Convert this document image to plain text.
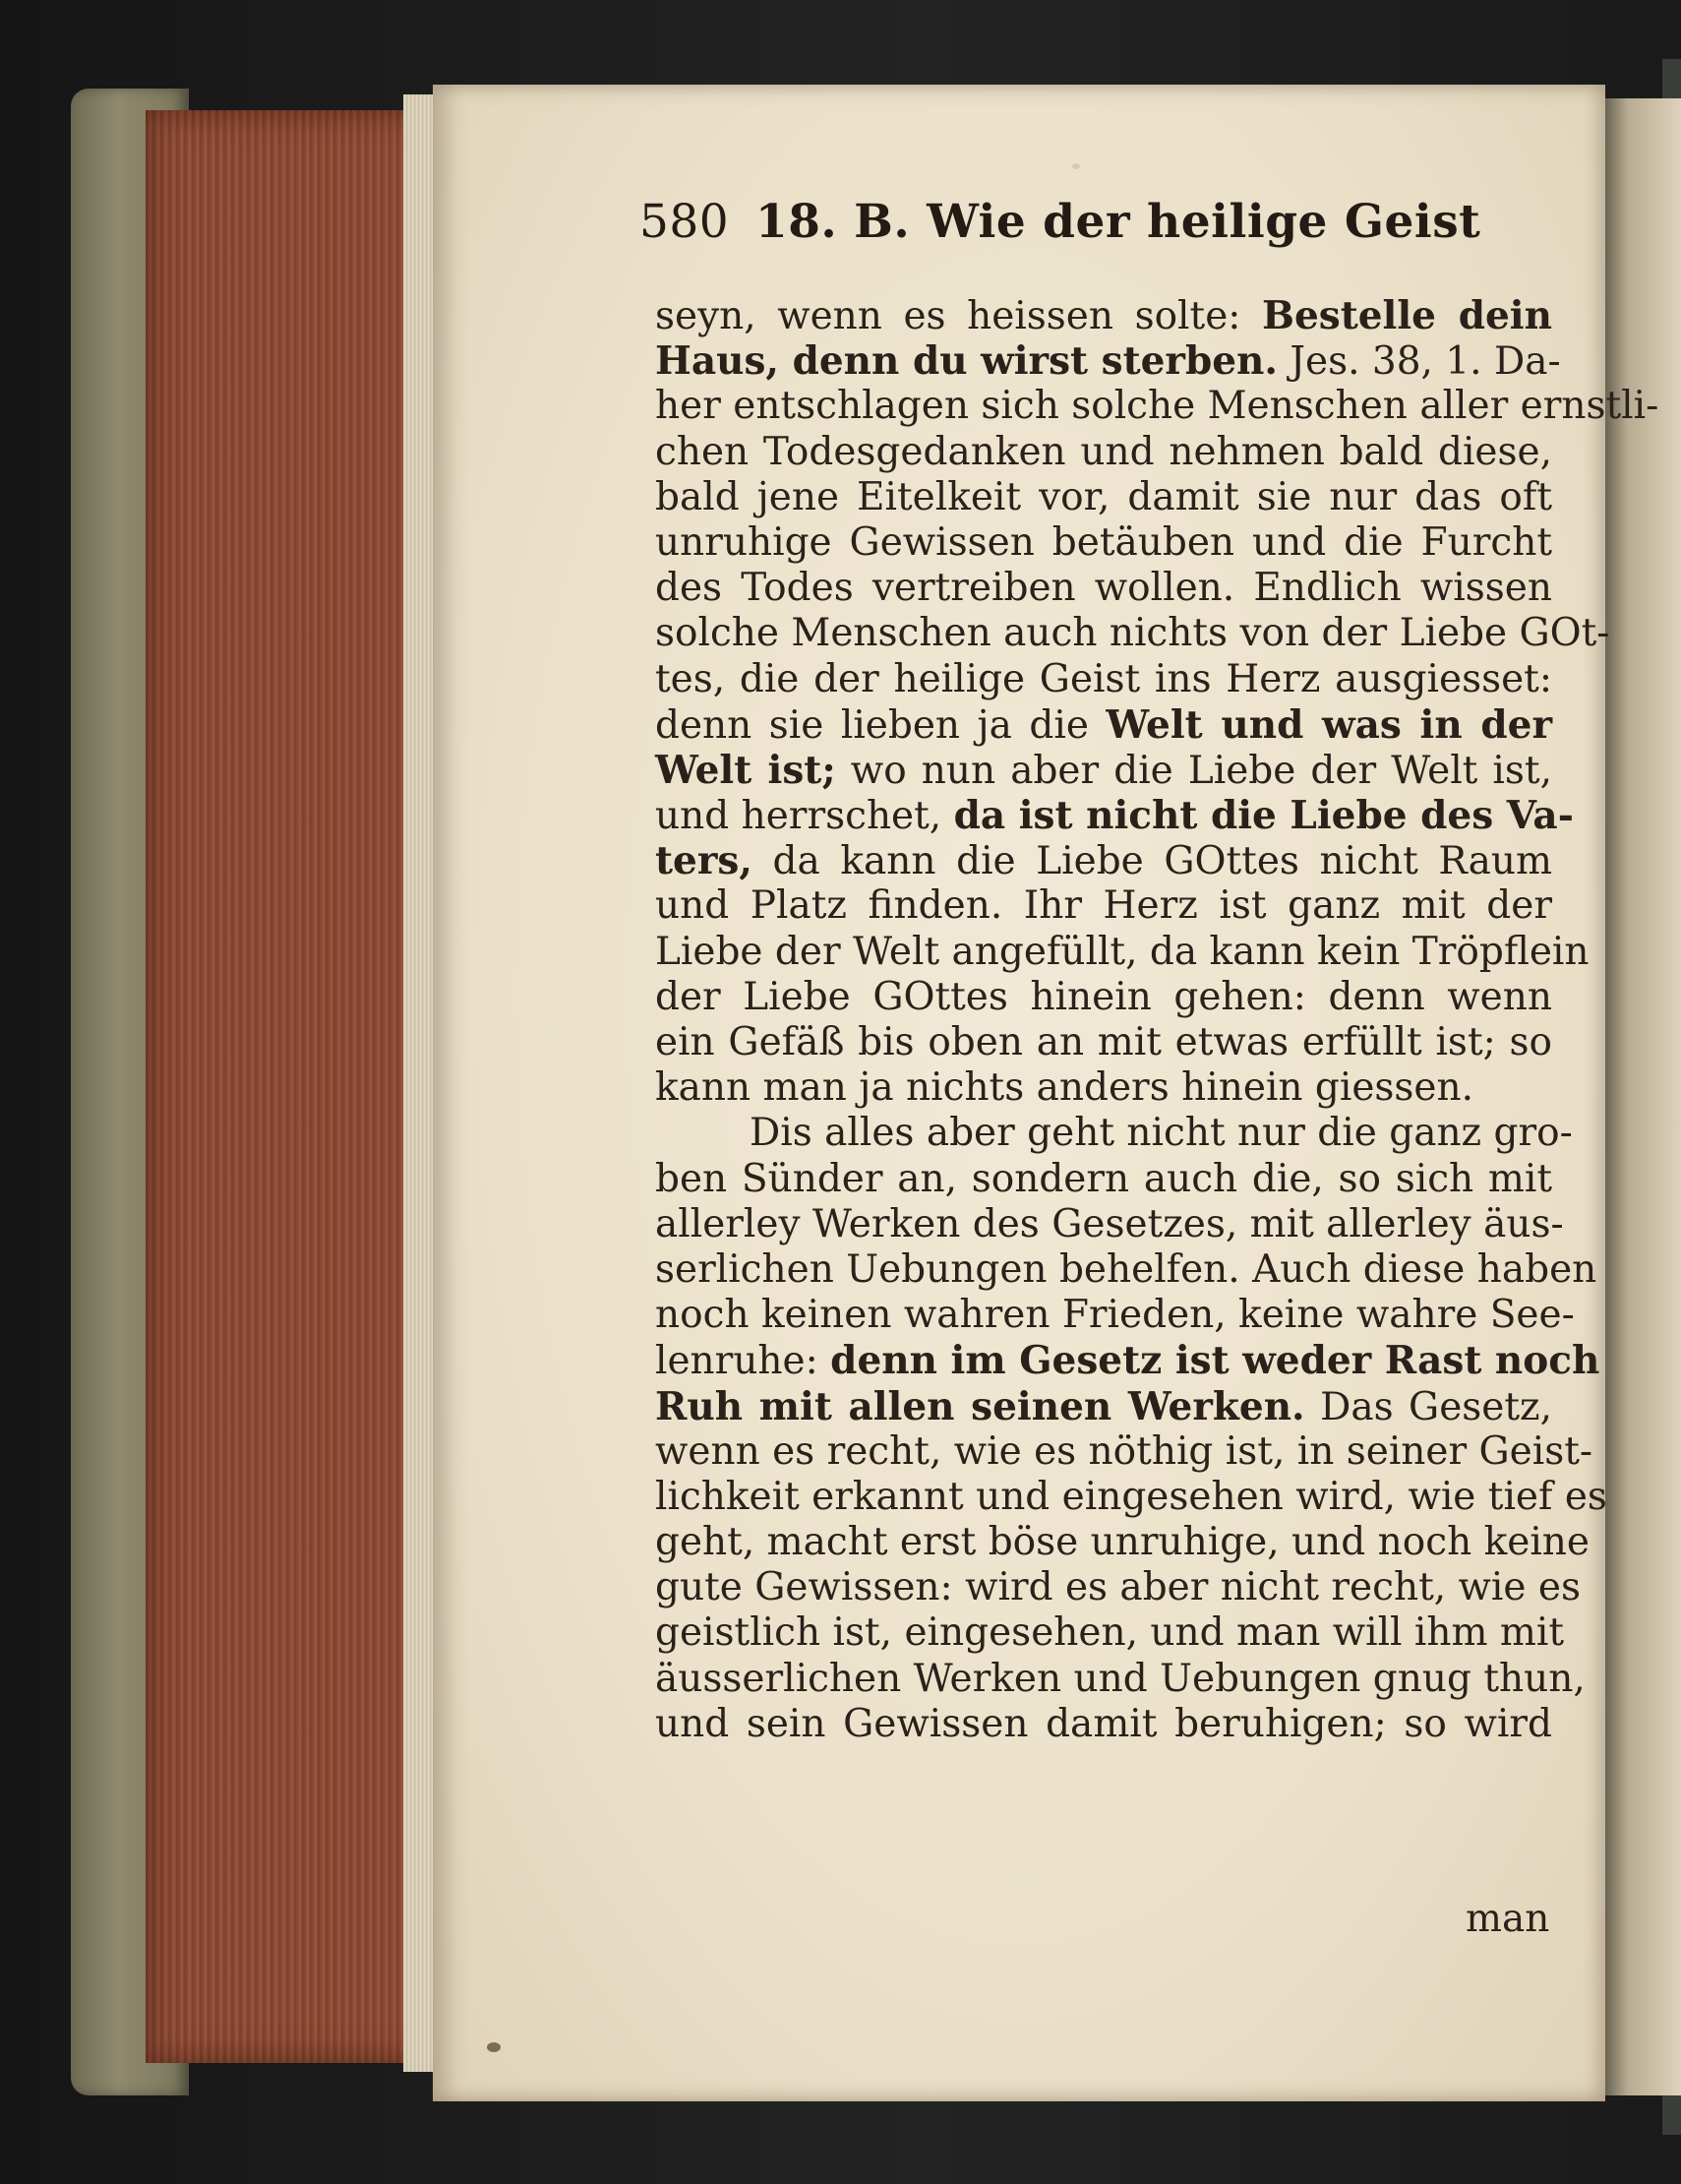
580 18. B. Wie der heilige Geist
seyn, wenn es heissen solte: Bestelle dein
Haus, denn du wirst sterben. Jes. 38, 1. Da-
her entschlagen sich solche Menschen aller ernstli-
chen Todesgedanken und nehmen bald diese,
bald jene Eitelkeit vor, damit sie nur das oft
unruhige Gewissen betäuben und die Furcht
des Todes vertreiben wollen. Endlich wissen
solche Menschen auch nichts von der Liebe GOt-
tes, die der heilige Geist ins Herz ausgiesset:
denn sie lieben ja die Welt und was in der
Welt ist; wo nun aber die Liebe der Welt ist,
und herrschet, da ist nicht die Liebe des Va-
ters, da kann die Liebe GOttes nicht Raum
und Platz finden. Ihr Herz ist ganz mit der
Liebe der Welt angefüllt, da kann kein Tröpflein
der Liebe GOttes hinein gehen: denn wenn
ein Gefäß bis oben an mit etwas erfüllt ist; so
kann man ja nichts anders hinein giessen.
Dis alles aber geht nicht nur die ganz gro-
ben Sünder an, sondern auch die, so sich mit
allerley Werken des Gesetzes, mit allerley äus-
serlichen Uebungen behelfen. Auch diese haben
noch keinen wahren Frieden, keine wahre See-
lenruhe: denn im Gesetz ist weder Rast noch
Ruh mit allen seinen Werken. Das Gesetz,
wenn es recht, wie es nöthig ist, in seiner Geist-
lichkeit erkannt und eingesehen wird, wie tief es
geht, macht erst böse unruhige, und noch keine
gute Gewissen: wird es aber nicht recht, wie es
geistlich ist, eingesehen, und man will ihm mit
äusserlichen Werken und Uebungen gnug thun,
und sein Gewissen damit beruhigen; so wird
man
